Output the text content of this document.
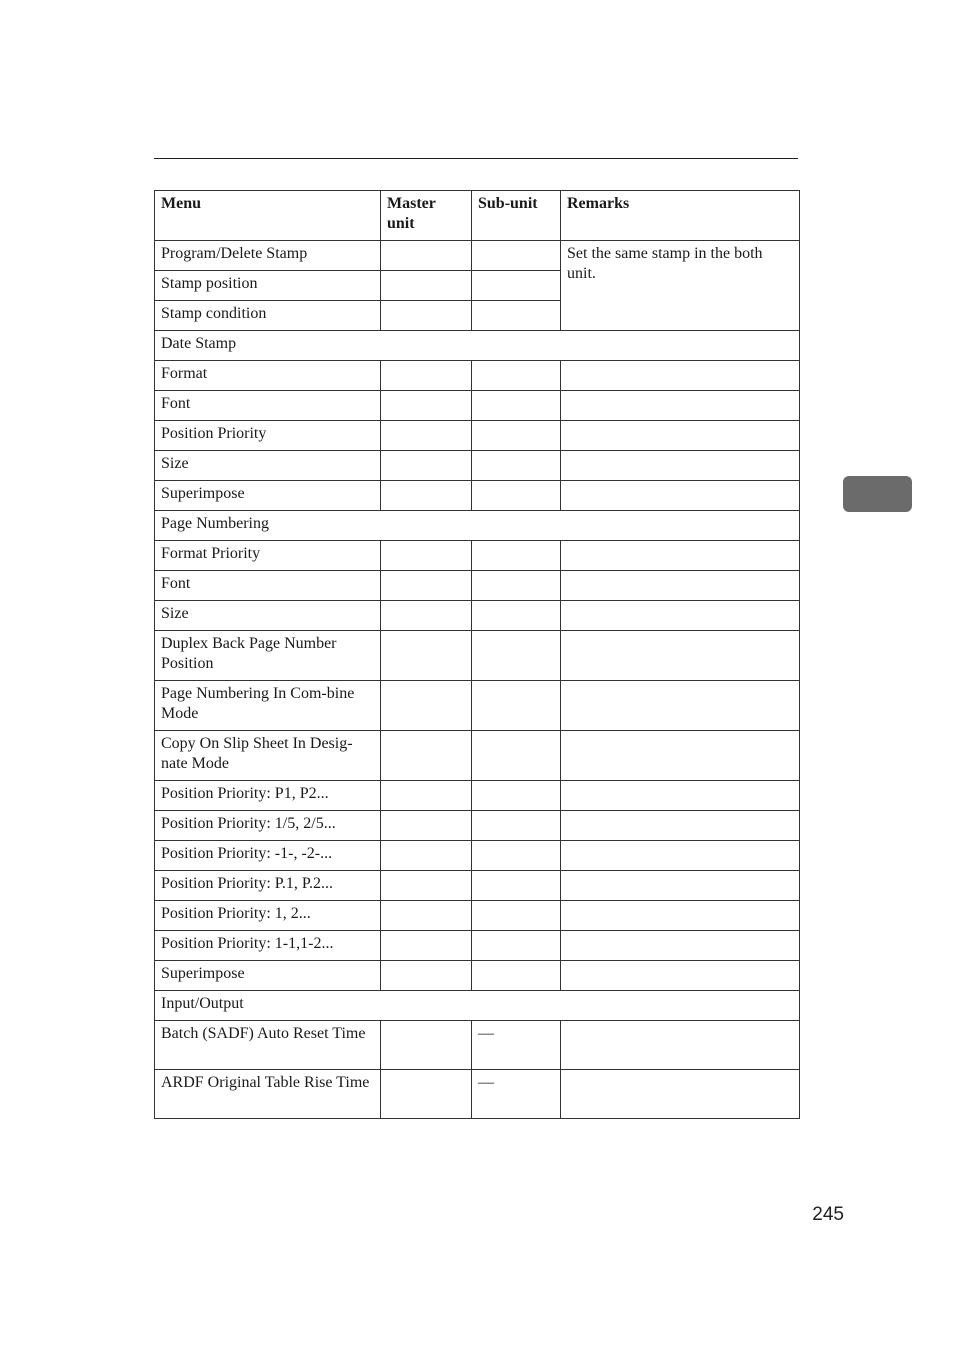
Menu	Master unit	Sub-unit	Remarks
Program/Delete Stamp			Set the same stamp in the both unit.
Stamp position			
Stamp condition			
Date Stamp			
Format			
Font			
Position Priority			
Size			
Superimpose			
Page Numbering			
Format Priority			
Font			
Size			
Duplex Back Page Number Position			
Page Numbering In Com-bine Mode			
Copy On Slip Sheet In Desig-nate Mode			
Position Priority: P1, P2...			
Position Priority: 1/5, 2/5...			
Position Priority: -1-, -2-...			
Position Priority: P.1, P.2...			
Position Priority: 1, 2...			
Position Priority: 1-1,1-2...			
Superimpose			
Input/Output			
Batch (SADF) Auto Reset Time		—	
ARDF Original Table Rise Time		—	
245
